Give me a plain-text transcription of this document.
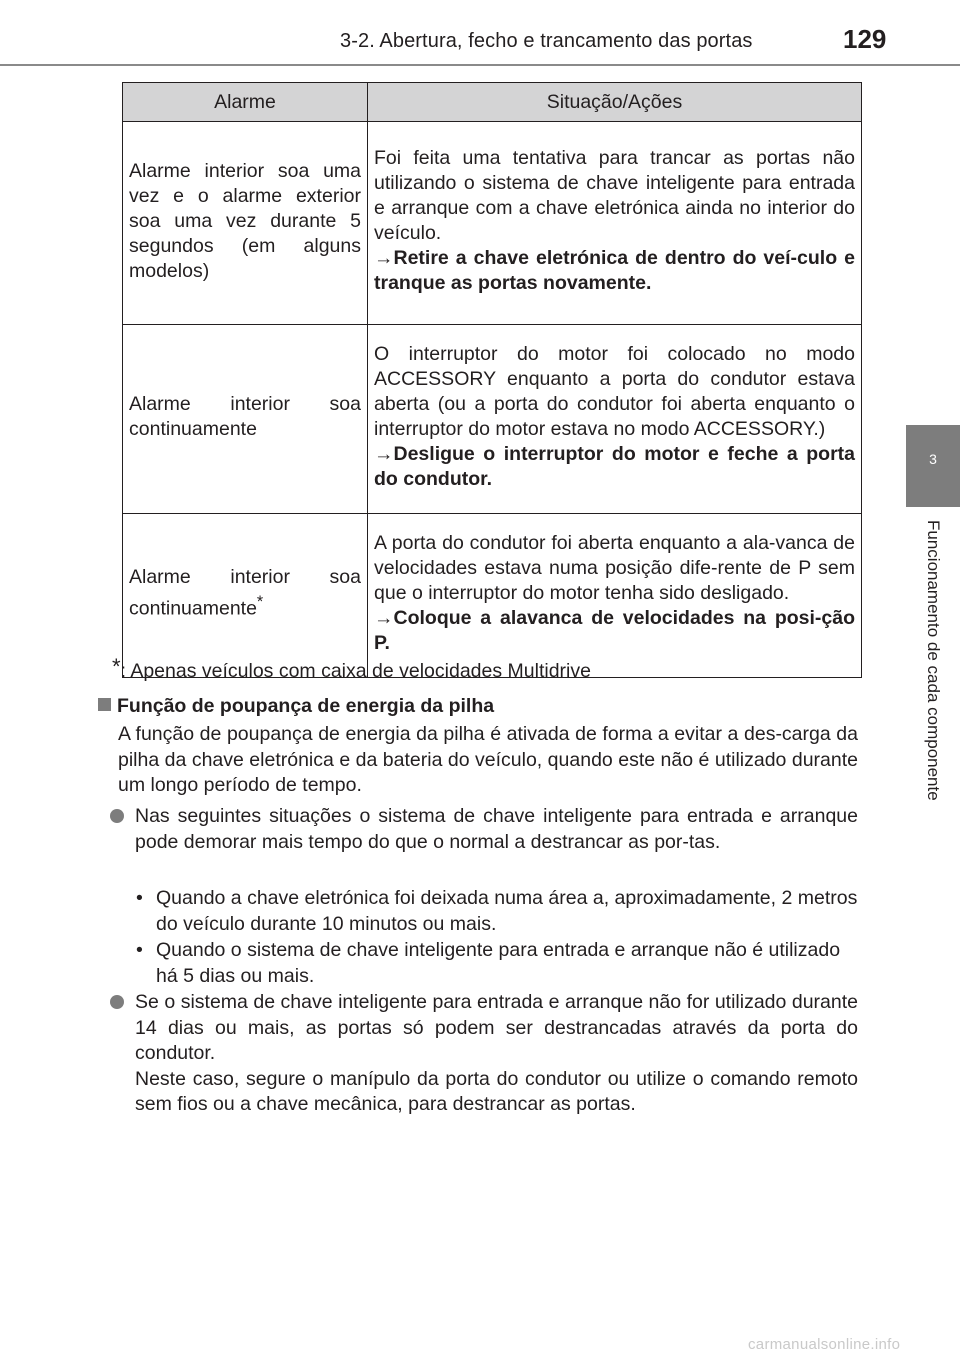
3-2. Abertura, fecho e trancamento das portas	129
3
Funcionamento de cada componente
Alarme	Situação/Ações
Alarme interior soa uma vez e o alarme exterior soa uma vez durante 5 segundos (em alguns modelos)	Foi feita uma tentativa para trancar as portas não utilizando o sistema de chave inteligente para entrada e arranque com a chave eletrónica ainda no interior do veículo.
→Retire a chave eletrónica de dentro do veí-culo e tranque as portas novamente.

Alarme interior soa continuamente	O interruptor do motor foi colocado no modo ACCESSORY enquanto a porta do condutor estava aberta (ou a porta do condutor foi aberta enquanto o interruptor do motor estava no modo ACCESSORY.)
→Desligue o interruptor do motor e feche a porta do condutor.

Alarme interior soa continuamente*	A porta do condutor foi aberta enquanto a ala-vanca de velocidades estava numa posição dife-rente de P sem que o interruptor do motor tenha sido desligado.
→Coloque a alavanca de velocidades na posi-ção P.
*: Apenas veículos com caixa de velocidades Multidrive
Função de poupança de energia da pilha
A função de poupança de energia da pilha é ativada de forma a evitar a des-carga da pilha da chave eletrónica e da bateria do veículo, quando este não é utilizado durante um longo período de tempo.
Nas seguintes situações o sistema de chave inteligente para entrada e arranque pode demorar mais tempo do que o normal a destrancar as por-tas.
• Quando a chave eletrónica foi deixada numa área a, aproximadamente, 2 metros do veículo durante 10 minutos ou mais.
• Quando o sistema de chave inteligente para entrada e arranque não é utilizado há 5 dias ou mais.
Se o sistema de chave inteligente para entrada e arranque não for utilizado durante 14 dias ou mais, as portas só podem ser destrancadas através da porta do condutor.
Neste caso, segure o manípulo da porta do condutor ou utilize o comando remoto sem fios ou a chave mecânica, para destrancar as portas.
carmanualsonline.info
